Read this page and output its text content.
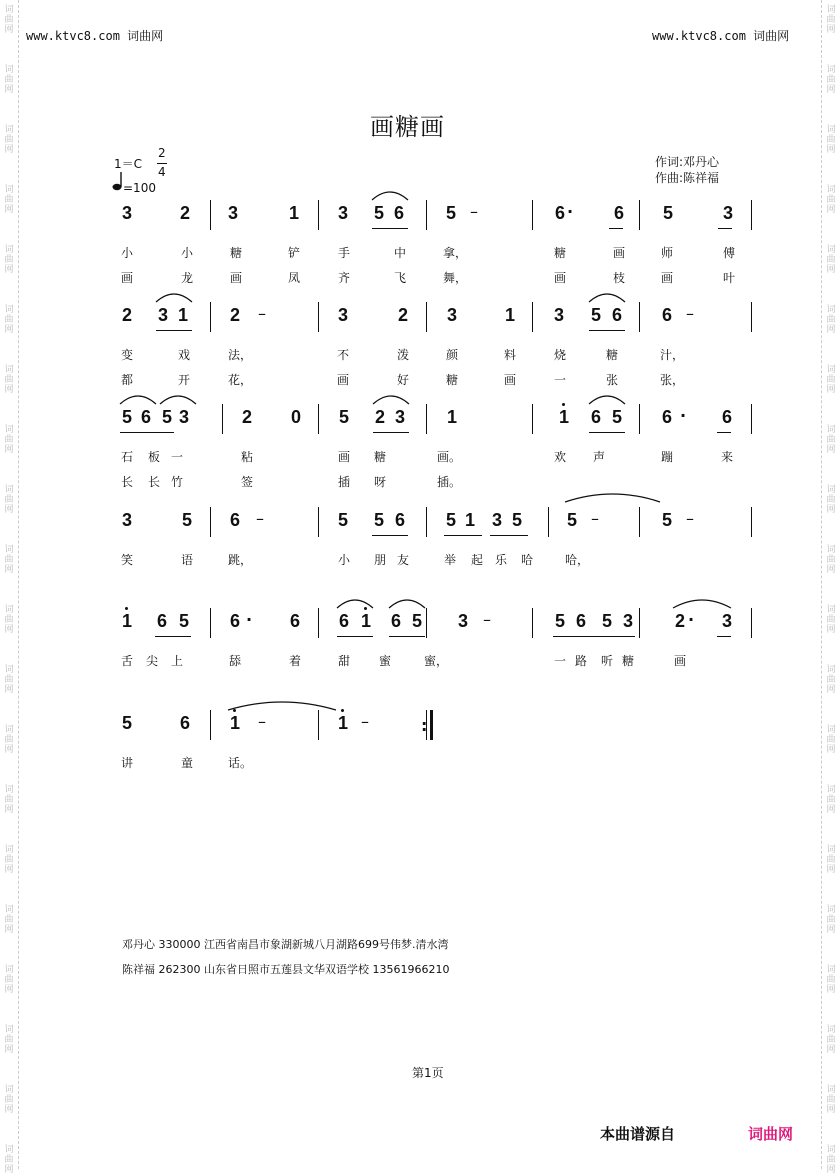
词
曲
网
词
曲
网
词
曲
网
词
曲
网
词
曲
网
词
曲
网
词
曲
网
词
曲
网
词
曲
网
词
曲
网
词
曲
网
词
曲
网
词
曲
网
词
曲
网
词
曲
网
词
曲
网
词
曲
网
词
曲
网
词
曲
网
词
曲
网
词
曲
网
词
曲
网
词
曲
网
词
曲
网
词
曲
网
词
曲
网
词
曲
网
词
曲
网
词
曲
网
词
曲
网
词
曲
网
词
曲
网
词
曲
网
词
曲
网
词
曲
网
词
曲
网
词
曲
网
词
曲
网
词
曲
网
词
曲
网
www.ktvc8.com 词曲网	www.ktvc8.com 词曲网
画糖画
1＝C
2
4
=100
作词:邓丹心
作曲:陈祥福
3	2 3	1 3 5 6 5	6	6 5	3
小	小	糖	铲	手	中	拿，	糖	画	师	傅
画	龙	画	凤	齐	飞	舞，	画	枝	画	叶
2 3 1 2	3	2 3	1 3 5 6 6
变	戏	法，	不	泼	颜	料	烧	糖	汁，
都	开	花，	画	好	糖	画	一	张	张，
5 6 5 3	2 0 5 2 3 1	1 6 5 6	6
石 板 一	粘	画 糖	画。	欢 声	蹦	来
长 长 竹	签	插 呀	插。
3	5 6	5 5 6 5 1 3 5 5	5
笑	语	跳，	小 朋 友	举 起 乐 哈	哈，
1 6 5 6	6 6 1 6 5 3	5 6 5 3 2 3
舌 尖 上	舔	着	甜 蜜	蜜，	一 路 听 糖	画
5	6 1	1
讲	童	话。
:
–
–	–
–	–	–
–
–	–
·
·
·	·
邓丹心 330000 江西省南昌市象湖新城八月湖路699号伟梦.清水湾
陈祥福 262300 山东省日照市五莲县文华双语学校 13561966210
第1页
本曲谱源自	词曲网
